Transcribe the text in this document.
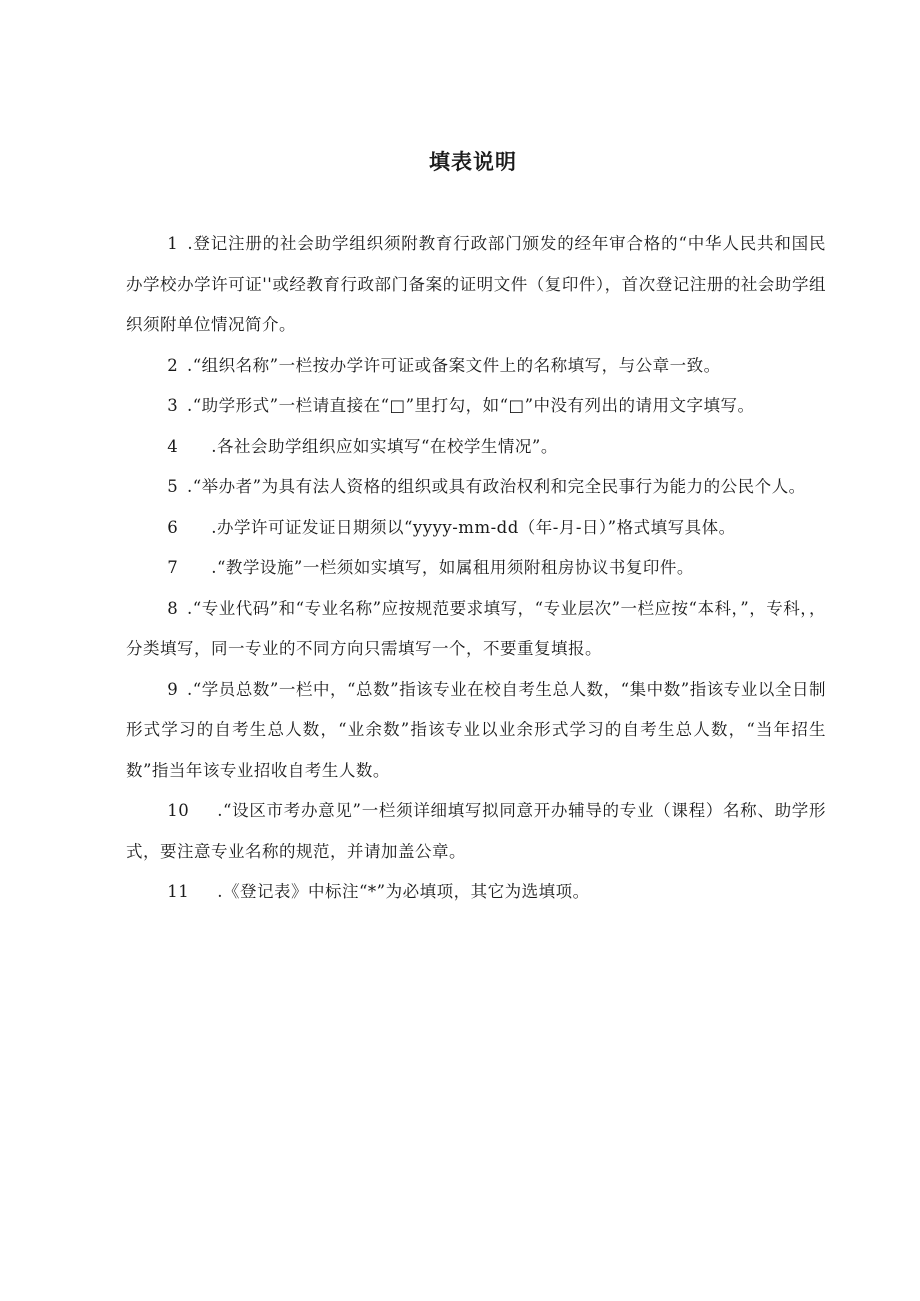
填表说明

1 .登记注册的社会助学组织须附教育行政部门颁发的经年审合格的“中华人民共和国民办学校办学许可证''或经教育行政部门备案的证明文件（复印件），首次登记注册的社会助学组织须附单位情况简介。

2 .“组织名称”一栏按办学许可证或备案文件上的名称填写，与公章一致。

3 .“助学形式”一栏请直接在“□”里打勾，如“□”中没有列出的请用文字填写。

4 .各社会助学组织应如实填写“在校学生情况”。

5 .“举办者”为具有法人资格的组织或具有政治权利和完全民事行为能力的公民个人。

6 .办学许可证发证日期须以“yyyy-mm-dd（年-月-日）”格式填写具体。

7 .“教学设施”一栏须如实填写，如属租用须附租房协议书复印件。

8 .“专业代码”和“专业名称”应按规范要求填写，“专业层次”一栏应按“本科，”，专科，，分类填写，同一专业的不同方向只需填写一个，不要重复填报。

9 .“学员总数”一栏中，“总数”指该专业在校自考生总人数，“集中数”指该专业以全日制形式学习的自考生总人数，“业余数”指该专业以业余形式学习的自考生总人数，“当年招生数”指当年该专业招收自考生人数。

10 .“设区市考办意见”一栏须详细填写拟同意开办辅导的专业（课程）名称、助学形式，要注意专业名称的规范，并请加盖公章。

11 .《登记表》中标注“*”为必填项，其它为选填项。
